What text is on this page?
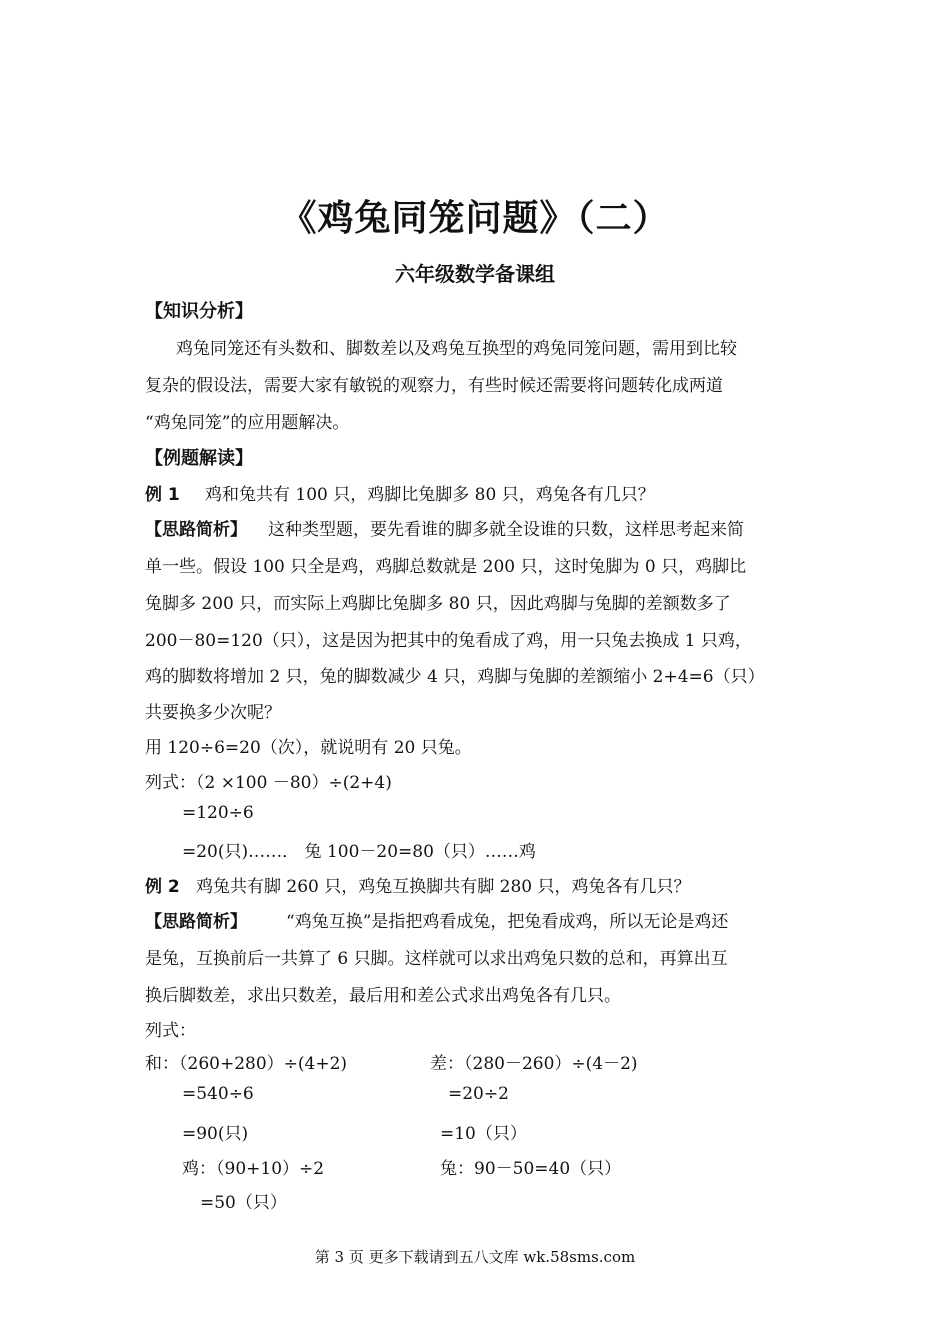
《鸡兔同笼问题》（二）
六年级数学备课组
【知识分析】
鸡兔同笼还有头数和、脚数差以及鸡兔互换型的鸡兔同笼问题，需用到比较
复杂的假设法，需要大家有敏锐的观察力，有些时候还需要将问题转化成两道
“鸡兔同笼”的应用题解决。
【例题解读】
例 1 鸡和兔共有 100 只，鸡脚比兔脚多 80 只，鸡兔各有几只？
【思路简析】 这种类型题，要先看谁的脚多就全设谁的只数，这样思考起来简
单一些。假设 100 只全是鸡，鸡脚总数就是 200 只，这时兔脚为 0 只，鸡脚比
兔脚多 200 只，而实际上鸡脚比兔脚多 80 只，因此鸡脚与兔脚的差额数多了
200－80=120（只），这是因为把其中的兔看成了鸡，用一只兔去换成 1 只鸡，
鸡的脚数将增加 2 只，兔的脚数减少 4 只，鸡脚与兔脚的差额缩小 2+4=6（只）
共要换多少次呢？
用 120÷6=20（次），就说明有 20 只兔。
列式：（2 ×100 －80）÷(2+4)
=120÷6
=20(只)……． 兔 100－20=80（只）……鸡
例 2 鸡兔共有脚 260 只，鸡兔互换脚共有脚 280 只，鸡兔各有几只？
【思路简析】 “鸡兔互换”是指把鸡看成兔，把兔看成鸡，所以无论是鸡还
是兔，互换前后一共算了 6 只脚。这样就可以求出鸡兔只数的总和，再算出互
换后脚数差，求出只数差，最后用和差公式求出鸡兔各有几只。
列式：
和：（260+280）÷(4+2)
=540÷6
=90(只)
鸡：（90+10）÷2
=50（只）
差：（280－260）÷(4－2)
=20÷2
=10（只）
兔：90－50=40（只）
第 3 页 更多下载请到五八文库 wk.58sms.com
